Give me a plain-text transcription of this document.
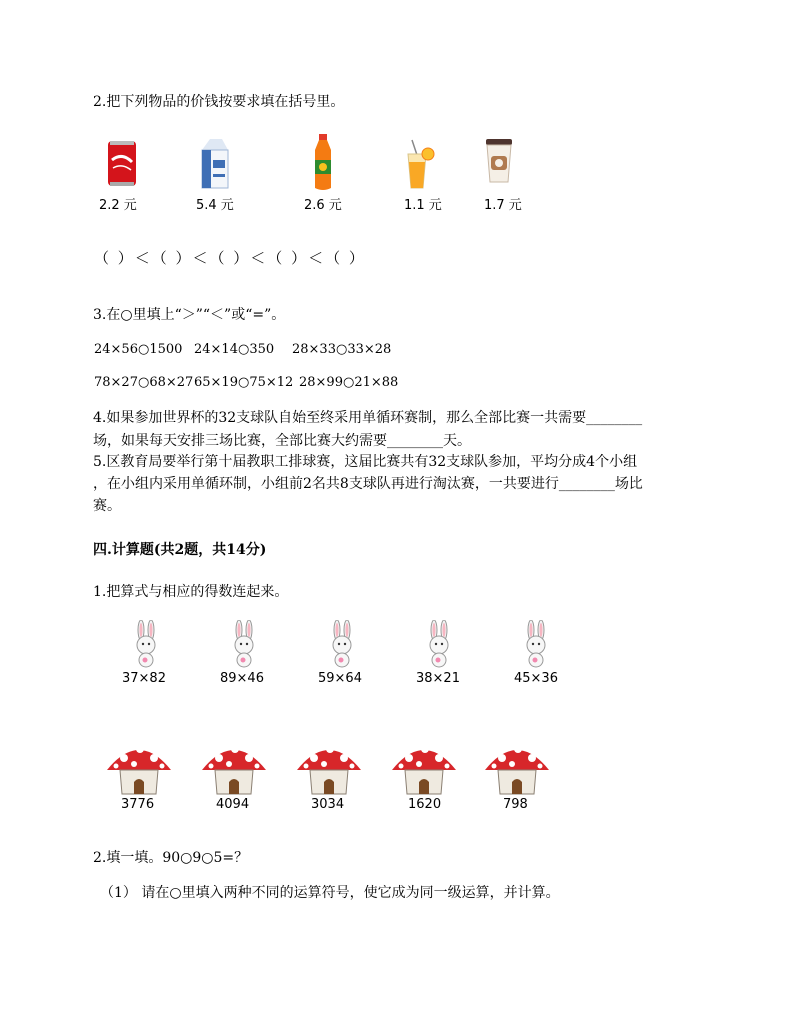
2.把下列物品的价钱按要求填在括号里。
2.2 元	5.4 元	2.6 元	1.1 元	1.7 元
（ ）＜（ ）＜（ ）＜（ ）＜（ ）
3.在○里填上“＞”“＜”或“=”。
24×56○1500 24×14○350 28×33○33×28
78×27○68×27 65×19○75×12 28×99○21×88
4.如果参加世界杯的32支球队自始至终采用单循环赛制，那么全部比赛一共需要________
场，如果每天安排三场比赛，全部比赛大约需要________天。
5.区教育局要举行第十届教职工排球赛，这届比赛共有32支球队参加，平均分成4个小组
，在小组内采用单循环制，小组前2名共8支球队再进行淘汰赛，一共要进行________场比
赛。
四.计算题(共2题，共14分)
1.把算式与相应的得数连起来。
37×82	89×46	59×64	38×21	45×36
3776	4094	3034	1620	798
2.填一填。90○9○5=？
（1） 请在○里填入两种不同的运算符号，使它成为同一级运算，并计算。
